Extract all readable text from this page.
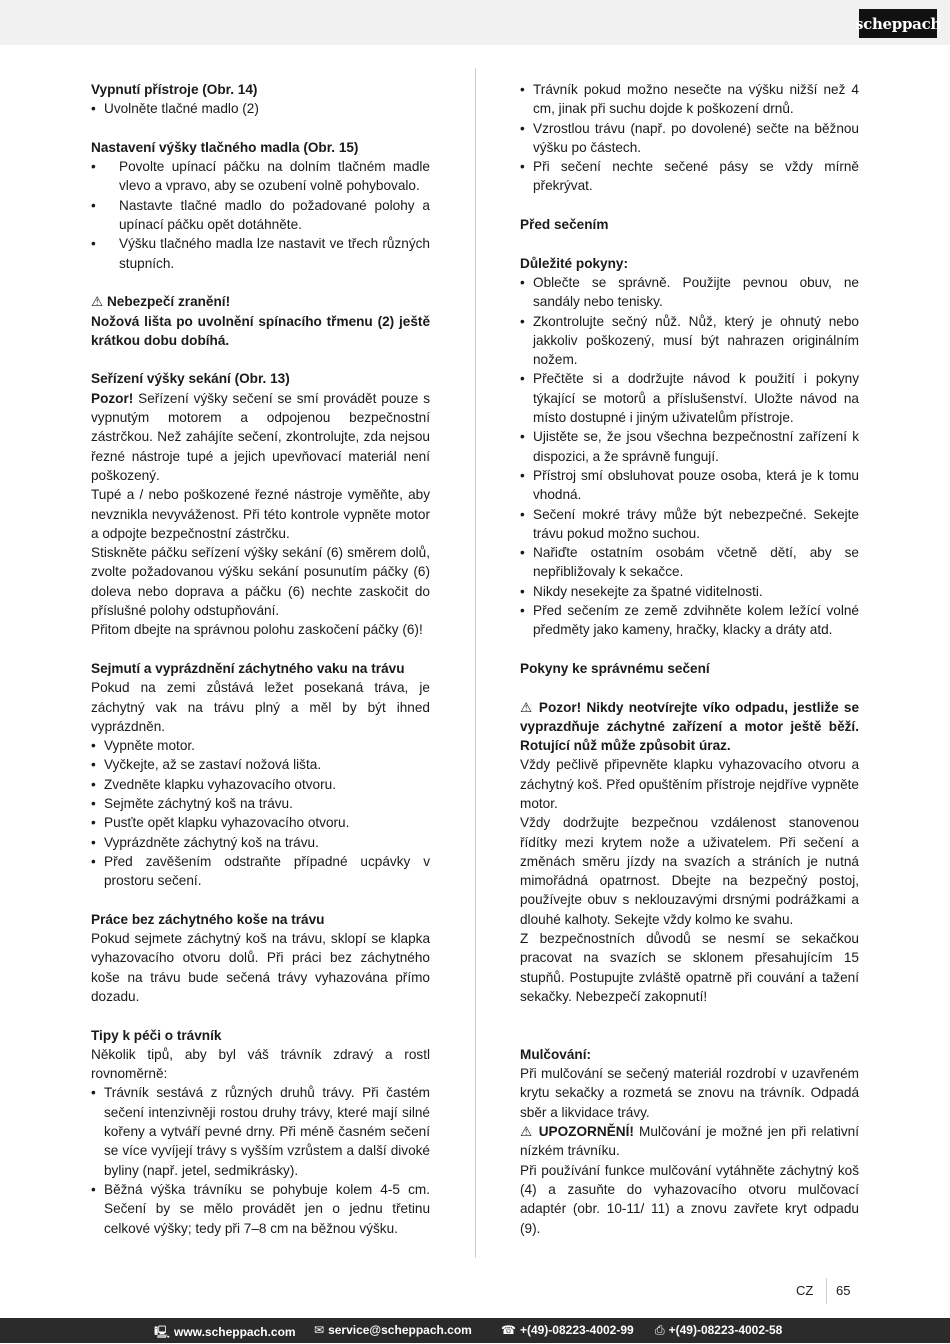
scheppach

Vypnutí přístroje (Obr. 14)

• Uvolněte tlačné madlo (2)

Nastavení výšky tlačného madla (Obr. 15)

• Povolte upínací páčku na dolním tlačném madle vlevo a vpravo, aby se ozubení volně pohybovalo.
• Nastavte tlačné madlo do požadované polohy a upínací páčku opět dotáhněte.
• Výšku tlačného madla lze nastavit ve třech různých stupních.

⚠ Nebezpečí zranění!

Nožová lišta po uvolnění spínacího třmenu (2) ještě krátkou dobu dobíhá.

Seřízení výšky sekání (Obr. 13)

Pozor! Seřízení výšky sečení se smí provádět pouze s vypnutým motorem a odpojenou bezpečnostní zástrčkou. Než zahájíte sečení, zkontrolujte, zda nejsou řezné nástroje tupé a jejich upevňovací materiál není poškozený.

Tupé a / nebo poškozené řezné nástroje vyměňte, aby nevznikla nevyváženost. Při této kontrole vypněte motor a odpojte bezpečnostní zástrčku.

Stiskněte páčku seřízení výšky sekání (6) směrem dolů, zvolte požadovanou výšku sekání posunutím páčky (6) doleva nebo doprava a páčku (6) nechte zaskočit do příslušné polohy odstupňování.

Přitom dbejte na správnou polohu zaskočení páčky (6)!

Sejmutí a vyprázdnění záchytného vaku na trávu

Pokud na zemi zůstává ležet posekaná tráva, je záchytný vak na trávu plný a měl by být ihned vyprázdněn.

• Vypněte motor.
• Vyčkejte, až se zastaví nožová lišta.
• Zvedněte klapku vyhazovacího otvoru.
• Sejměte záchytný koš na trávu.
• Pusťte opět klapku vyhazovacího otvoru.
• Vyprázdněte záchytný koš na trávu.
• Před zavěšením odstraňte případné ucpávky v prostoru sečení.

Práce bez záchytného koše na trávu

Pokud sejmete záchytný koš na trávu, sklopí se klapka vyhazovacího otvoru dolů. Při práci bez záchytného koše na trávu bude sečená trávy vyhazována přímo dozadu.

Tipy k péči o trávník

Několik tipů, aby byl váš trávník zdravý a rostl rovnoměrně:

• Trávník sestává z různých druhů trávy. Při častém sečení intenzivněji rostou druhy trávy, které mají silné kořeny a vytváří pevné drny. Při méně časném sečení se více vyvíjejí trávy s vyšším vzrůstem a další divoké byliny (např. jetel, sedmikrásky).
• Běžná výška trávníku se pohybuje kolem 4-5 cm. Sečení by se mělo provádět jen o jednu třetinu celkové výšky; tedy při 7–8 cm na běžnou výšku.
• Trávník pokud možno nesečte na výšku nižší než 4 cm, jinak při suchu dojde k poškození drnů.
• Vzrostlou trávu (např. po dovolené) sečte na běžnou výšku po částech.
• Při sečení nechte sečené pásy se vždy mírně překrývat.

Před sečením

Důležité pokyny:

• Oblečte se správně. Použijte pevnou obuv, ne sandály nebo tenisky.
• Zkontrolujte sečný nůž. Nůž, který je ohnutý nebo jakkoliv poškozený, musí být nahrazen originálním nožem.
• Přečtěte si a dodržujte návod k použití i pokyny týkající se motorů a příslušenství. Uložte návod na místo dostupné i jiným uživatelům přístroje.
• Ujistěte se, že jsou všechna bezpečnostní zařízení k dispozici, a že správně fungují.
• Přístroj smí obsluhovat pouze osoba, která je k tomu vhodná.
• Sečení mokré trávy může být nebezpečné. Sekejte trávu pokud možno suchou.
• Nařiďte ostatním osobám včetně dětí, aby se nepřibližovaly k sekačce.
• Nikdy nesekejte za špatné viditelnosti.
• Před sečením ze země zdvihněte kolem ležící volné předměty jako kameny, hračky, klacky a dráty atd.

Pokyny ke správnému sečení

⚠ Pozor! Nikdy neotvírejte víko odpadu, jestliže se vyprazdňuje záchytné zařízení a motor ještě běží. Rotující nůž může způsobit úraz.

Vždy pečlivě připevněte klapku vyhazovacího otvoru a záchytný koš. Před opuštěním přístroje nejdříve vypněte motor.

Vždy dodržujte bezpečnou vzdálenost stanovenou řídítky mezi krytem nože a uživatelem. Při sečení a změnách směru jízdy na svazích a stráních je nutná mimořádná opatrnost. Dbejte na bezpečný postoj, používejte obuv s neklouzavými drsnými podrážkami a dlouhé kalhoty. Sekejte vždy kolmo ke svahu.

Z bezpečnostních důvodů se nesmí se sekačkou pracovat na svazích se sklonem přesahujícím 15 stupňů. Postupujte zvláště opatrně při couvání a tažení sekačky. Nebezpečí zakopnutí!

Mulčování:

Při mulčování se sečený materiál rozdrobí v uzavřeném krytu sekačky a rozmetá se znovu na trávník. Odpadá sběr a likvidace trávy.

⚠ UPOZORNĚNÍ! Mulčování je možné jen při relativní nízkém trávníku.

Při používání funkce mulčování vytáhněte záchytný koš (4) a zasuňte do vyhazovacího otvoru mulčovací adaptér (obr. 10-11/ 11) a znovu zavřete kryt odpadu (9).

CZ 65
🖳 www.scheppach.com ✉ service@scheppach.com ☎ +(49)-08223-4002-99 ⎙ +(49)-08223-4002-58
